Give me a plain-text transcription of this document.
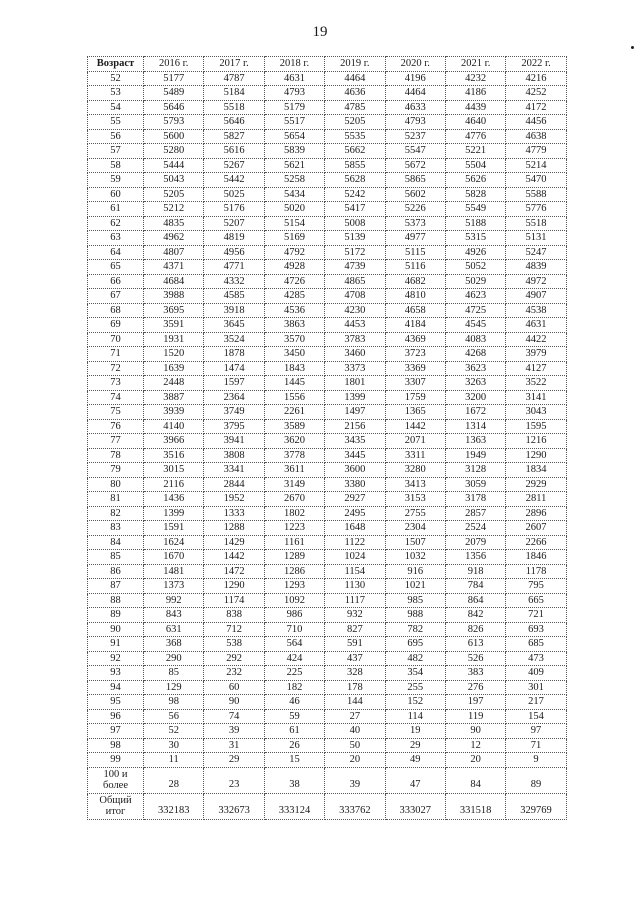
19
Возраст	2016 г.	2017 г.	2018 г.	2019 г.	2020 г.	2021 г.	2022 г.
52	5177	4787	4631	4464	4196	4232	4216
53	5489	5184	4793	4636	4464	4186	4252
54	5646	5518	5179	4785	4633	4439	4172
55	5793	5646	5517	5205	4793	4640	4456
56	5600	5827	5654	5535	5237	4776	4638
57	5280	5616	5839	5662	5547	5221	4779
58	5444	5267	5621	5855	5672	5504	5214
59	5043	5442	5258	5628	5865	5626	5470
60	5205	5025	5434	5242	5602	5828	5588
61	5212	5176	5020	5417	5226	5549	5776
62	4835	5207	5154	5008	5373	5188	5518
63	4962	4819	5169	5139	4977	5315	5131
64	4807	4956	4792	5172	5115	4926	5247
65	4371	4771	4928	4739	5116	5052	4839
66	4684	4332	4726	4865	4682	5029	4972
67	3988	4585	4285	4708	4810	4623	4907
68	3695	3918	4536	4230	4658	4725	4538
69	3591	3645	3863	4453	4184	4545	4631
70	1931	3524	3570	3783	4369	4083	4422
71	1520	1878	3450	3460	3723	4268	3979
72	1639	1474	1843	3373	3369	3623	4127
73	2448	1597	1445	1801	3307	3263	3522
74	3887	2364	1556	1399	1759	3200	3141
75	3939	3749	2261	1497	1365	1672	3043
76	4140	3795	3589	2156	1442	1314	1595
77	3966	3941	3620	3435	2071	1363	1216
78	3516	3808	3778	3445	3311	1949	1290
79	3015	3341	3611	3600	3280	3128	1834
80	2116	2844	3149	3380	3413	3059	2929
81	1436	1952	2670	2927	3153	3178	2811
82	1399	1333	1802	2495	2755	2857	2896
83	1591	1288	1223	1648	2304	2524	2607
84	1624	1429	1161	1122	1507	2079	2266
85	1670	1442	1289	1024	1032	1356	1846
86	1481	1472	1286	1154	916	918	1178
87	1373	1290	1293	1130	1021	784	795
88	992	1174	1092	1117	985	864	665
89	843	838	986	932	988	842	721
90	631	712	710	827	782	826	693
91	368	538	564	591	695	613	685
92	290	292	424	437	482	526	473
93	85	232	225	328	354	383	409
94	129	60	182	178	255	276	301
95	98	90	46	144	152	197	217
96	56	74	59	27	114	119	154
97	52	39	61	40	19	90	97
98	30	31	26	50	29	12	71
99	11	29	15	20	49	20	9
100 и
более	28	23	38	39	47	84	89
Общий
итог	332183	332673	333124	333762	333027	331518	329769
